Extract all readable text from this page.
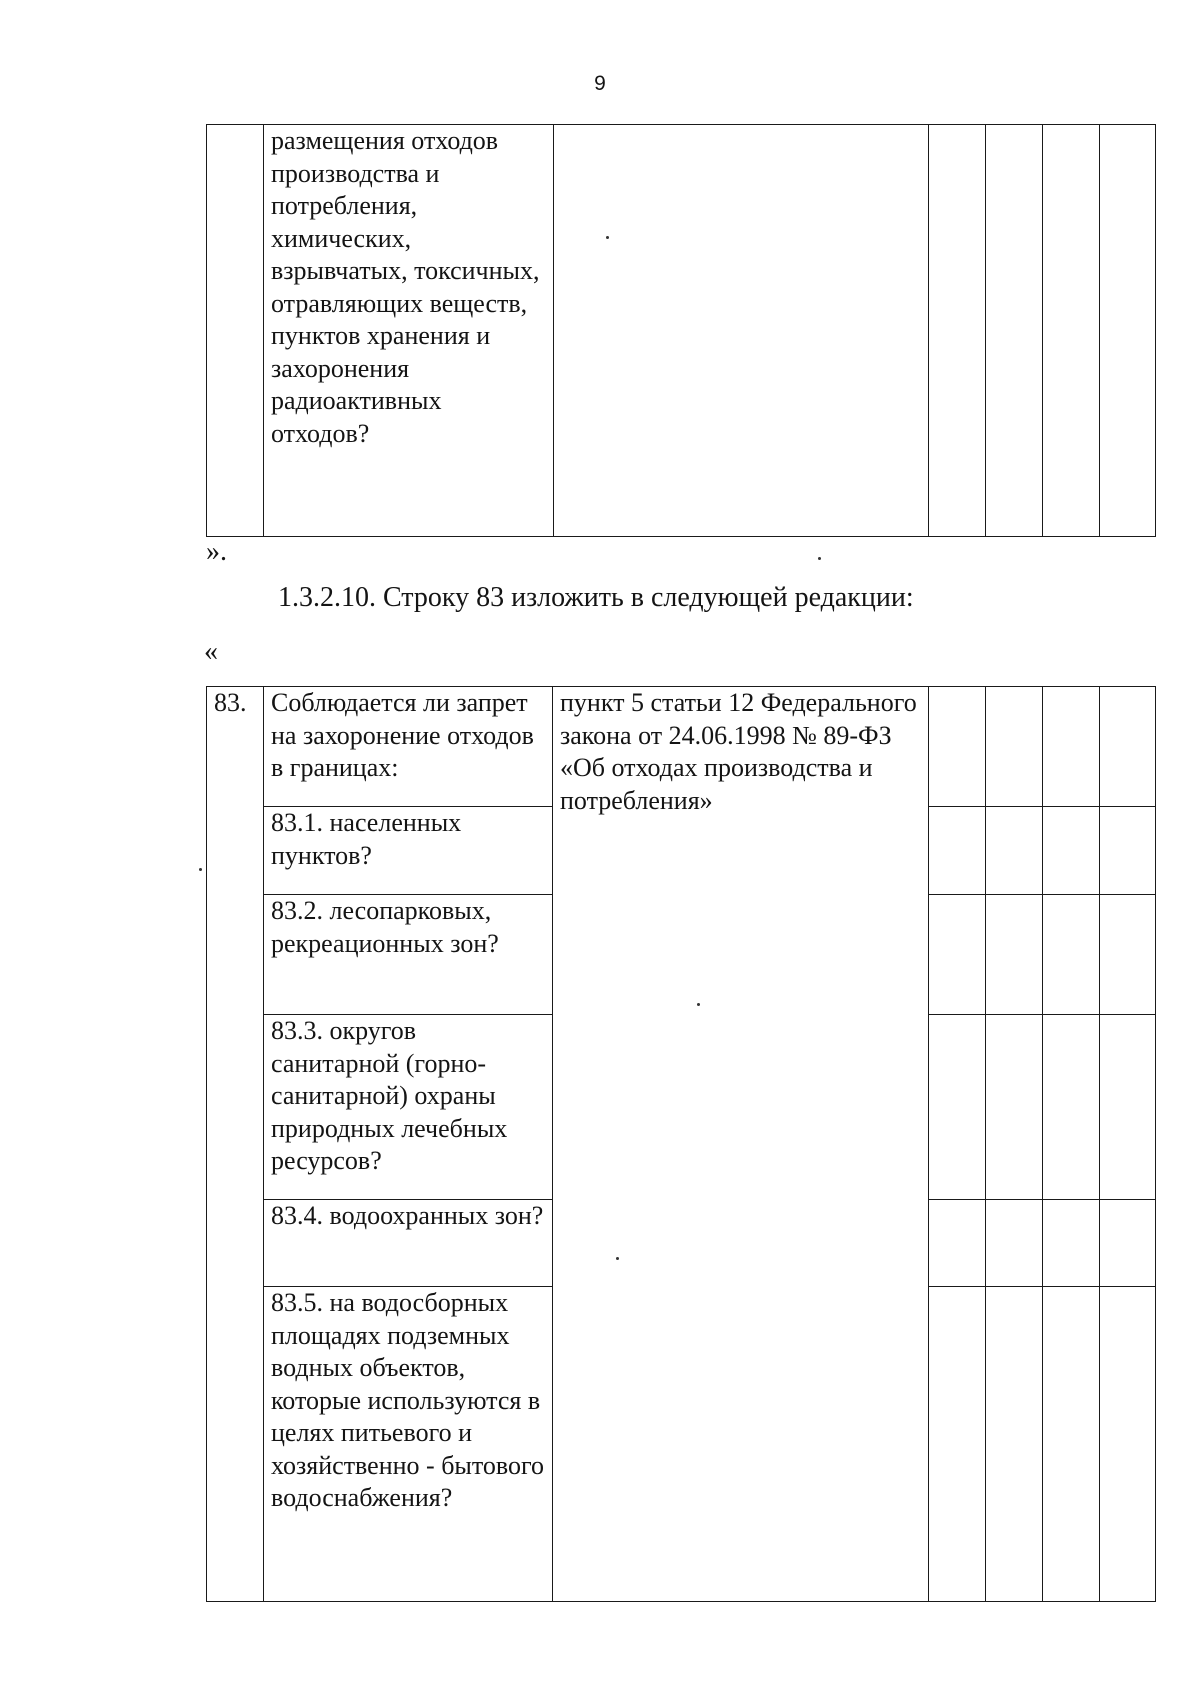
9
	размещения отходов производства и потребления, химических, взрывчатых, токсичных, отравляющих веществ, пунктов хранения и захоронения радиоактивных отходов?					
».
1.3.2.10. Строку 83 изложить в следующей редакции:
«
83.	Соблюдается ли запрет на захоронение отходов в границах:	пункт 5 статьи 12 Федерального закона от 24.06.1998 № 89-ФЗ «Об отходах производства и потребления»				
	83.1. населенных пунктов?					
	83.2. лесопарковых, рекреационных зон?					
	83.3. округов санитарной (горно-санитарной) охраны природных лечебных ресурсов?					
	83.4. водоохранных зон?					
	83.5. на водосборных площадях подземных водных объектов, которые используются в целях питьевого и хозяйственно - бытового водоснабжения?					
